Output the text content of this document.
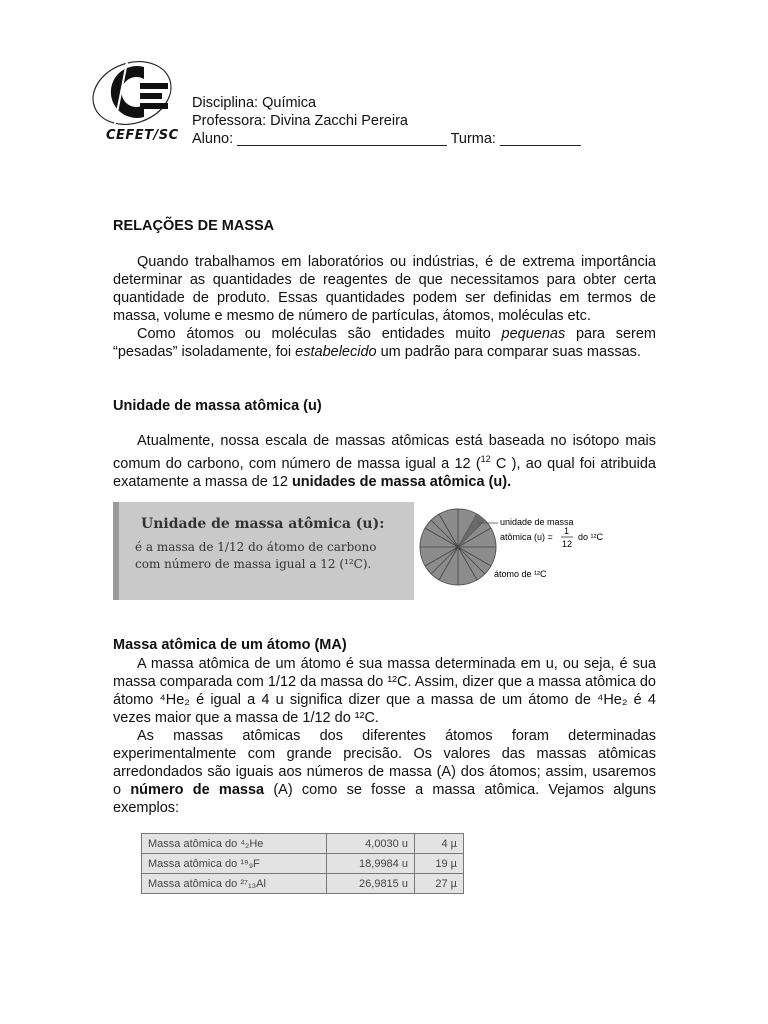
CEFET/SC
Disciplina: Química
Professora: Divina Zacchi Pereira
Aluno: __________________________ Turma: __________
RELAÇÕES DE MASSA
Quando trabalhamos em laboratórios ou indústrias, é de extrema importância determinar as quantidades de reagentes de que necessitamos para obter certa quantidade de produto. Essas quantidades podem ser definidas em termos de massa, volume e mesmo de número de partículas, átomos, moléculas etc.
Como átomos ou moléculas são entidades muito pequenas para serem “pesadas” isoladamente, foi estabelecido um padrão para comparar suas massas.
Unidade de massa atômica (u)
Atualmente, nossa escala de massas atômicas está baseada no isótopo mais comum do carbono, com número de massa igual a 12 ($^{12}$ C ), ao qual foi atribuida exatamente a massa de 12 unidades de massa atômica (u).
Unidade de massa atômica (u):
é a massa de 1/12 do átomo de carbono
com número de massa igual a 12 (¹²C).
unidade de massa
atômica (u) =
1
12
do ¹²C
átomo de ¹²C
Massa atômica de um átomo (MA)
A massa atômica de um átomo é sua massa determinada em u, ou seja, é sua massa comparada com 1/12 da massa do ¹²C. Assim, dizer que a massa atômica do átomo ⁴He₂ é igual a 4 u significa dizer que a massa de um átomo de ⁴He₂ é 4 vezes maior que a massa de 1/12 do ¹²C.
As massas atômicas dos diferentes átomos foram determinadas experimentalmente com grande precisão. Os valores das massas atômicas arredondados são iguais aos números de massa (A) dos átomos; assim, usaremos o número de massa (A) como se fosse a massa atômica. Vejamos alguns exemplos:
Massa atômica do ⁴₂He	4,0030 u	4 µ
Massa atômica do ¹⁹₉F	18,9984 u	19 µ
Massa atômica do ²⁷₁₃Al	26,9815 u	27 µ
